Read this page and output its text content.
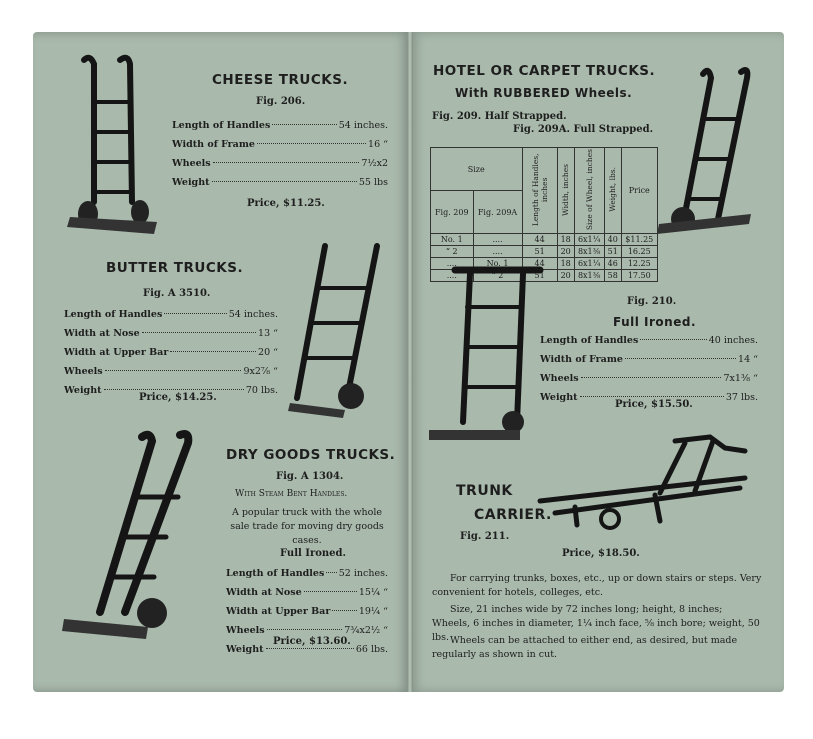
CHEESE TRUCKS.
Fig. 206.
Length of Handles	54 inches.
Width of Frame	16 “
Wheels	7½x2
Weight	55 lbs
Price, $11.25.
BUTTER TRUCKS.
Fig. A 3510.
Length of Handles	54 inches.
Width at Nose	13 “
Width at Upper Bar	20 “
Wheels	9x2⅞ “
Weight	70 lbs.
Price, $14.25.
DRY GOODS TRUCKS.
Fig. A 1304.
With Steam Bent Handles.
A popular truck with the whole sale trade for moving dry goods cases.
Full Ironed.
Length of Handles 52 inches.
Width at Nose	15¼ “
Width at Upper Bar	19¼ “
Wheels	7¾x2½ “
Weight	66 lbs.
Price, $13.60.
HOTEL OR CARPET TRUCKS.
With RUBBERED Wheels.
Fig. 209. Half Strapped.
Fig. 209A. Full Strapped.
Size		Length of Handles, inches	Width, inches	Size of Wheel, inches	Weight, lbs.	Price
Fig. 209	Fig. 209A					
No. 1	....	44	18	6x1¼	40	$11.25
“ 2	....	51	20	8x1⅜	51	16.25
....	No. 1	44	18	6x1¼	46	12.25
....	“ 2	51	20	8x1⅜	58	17.50
Fig. 210.
Full Ironed.
Length of Handles	40 inches.
Width of Frame	14 “
Wheels	7x1⅜ “
Weight	37 lbs.
Price, $15.50.
TRUNK
CARRIER.
Fig. 211.
Price, $18.50.
For carrying trunks, boxes, etc., up or down stairs or steps. Very convenient for hotels, colleges, etc.
Size, 21 inches wide by 72 inches long; height, 8 inches; Wheels, 6 inches in diameter, 1¼ inch face, ⅝ inch bore; weight, 50 lbs. Wheels can be attached to either end, as desired, but made regularly as shown in cut.
